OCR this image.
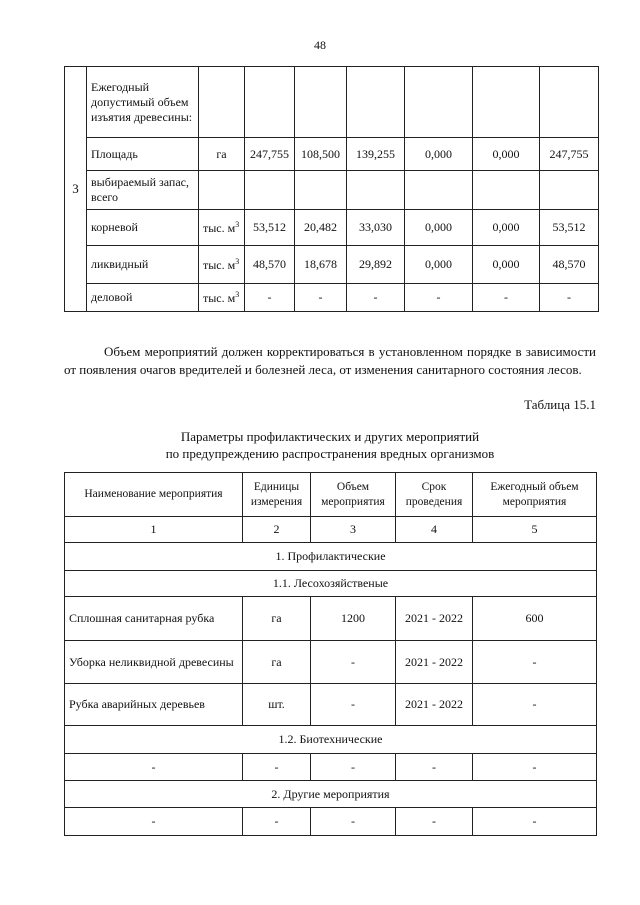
48
3	Ежегодный допустимый объем изъятия древесины:							
	Площадь	га	247,755	108,500	139,255	0,000	0,000	247,755
	выбираемый запас, всего							
	корневой	тыс. $м^3$	53,512	20,482	33,030	0,000	0,000	53,512
	ликвидный	тыс. $м^3$	48,570	18,678	29,892	0,000	0,000	48,570
	деловой	тыс. $м^3$	-	-	-	-	-	-

Объем мероприятий должен корректироваться в установленном порядке в зависимости от появления очагов вредителей и болезней леса, от изменения санитарного состояния лесов.

Таблица 15.1
Параметры профилактических и других мероприятий
по предупреждению распространения вредных организмов
Наименование мероприятия	Единицы измерения	Объем мероприятия	Срок проведения	Ежегодный объем мероприятия
1	2	3	4	5
1. Профилактические				
1.1. Лесохозяйственые				
Сплошная санитарная рубка	га	1200	2021 - 2022	600
Уборка неликвидной древесины	га	-	2021 - 2022	-
Рубка аварийных деревьев	шт.	-	2021 - 2022	-
1.2. Биотехнические				
-	-	-	-	-
2. Другие мероприятия				
-	-	-	-	-
